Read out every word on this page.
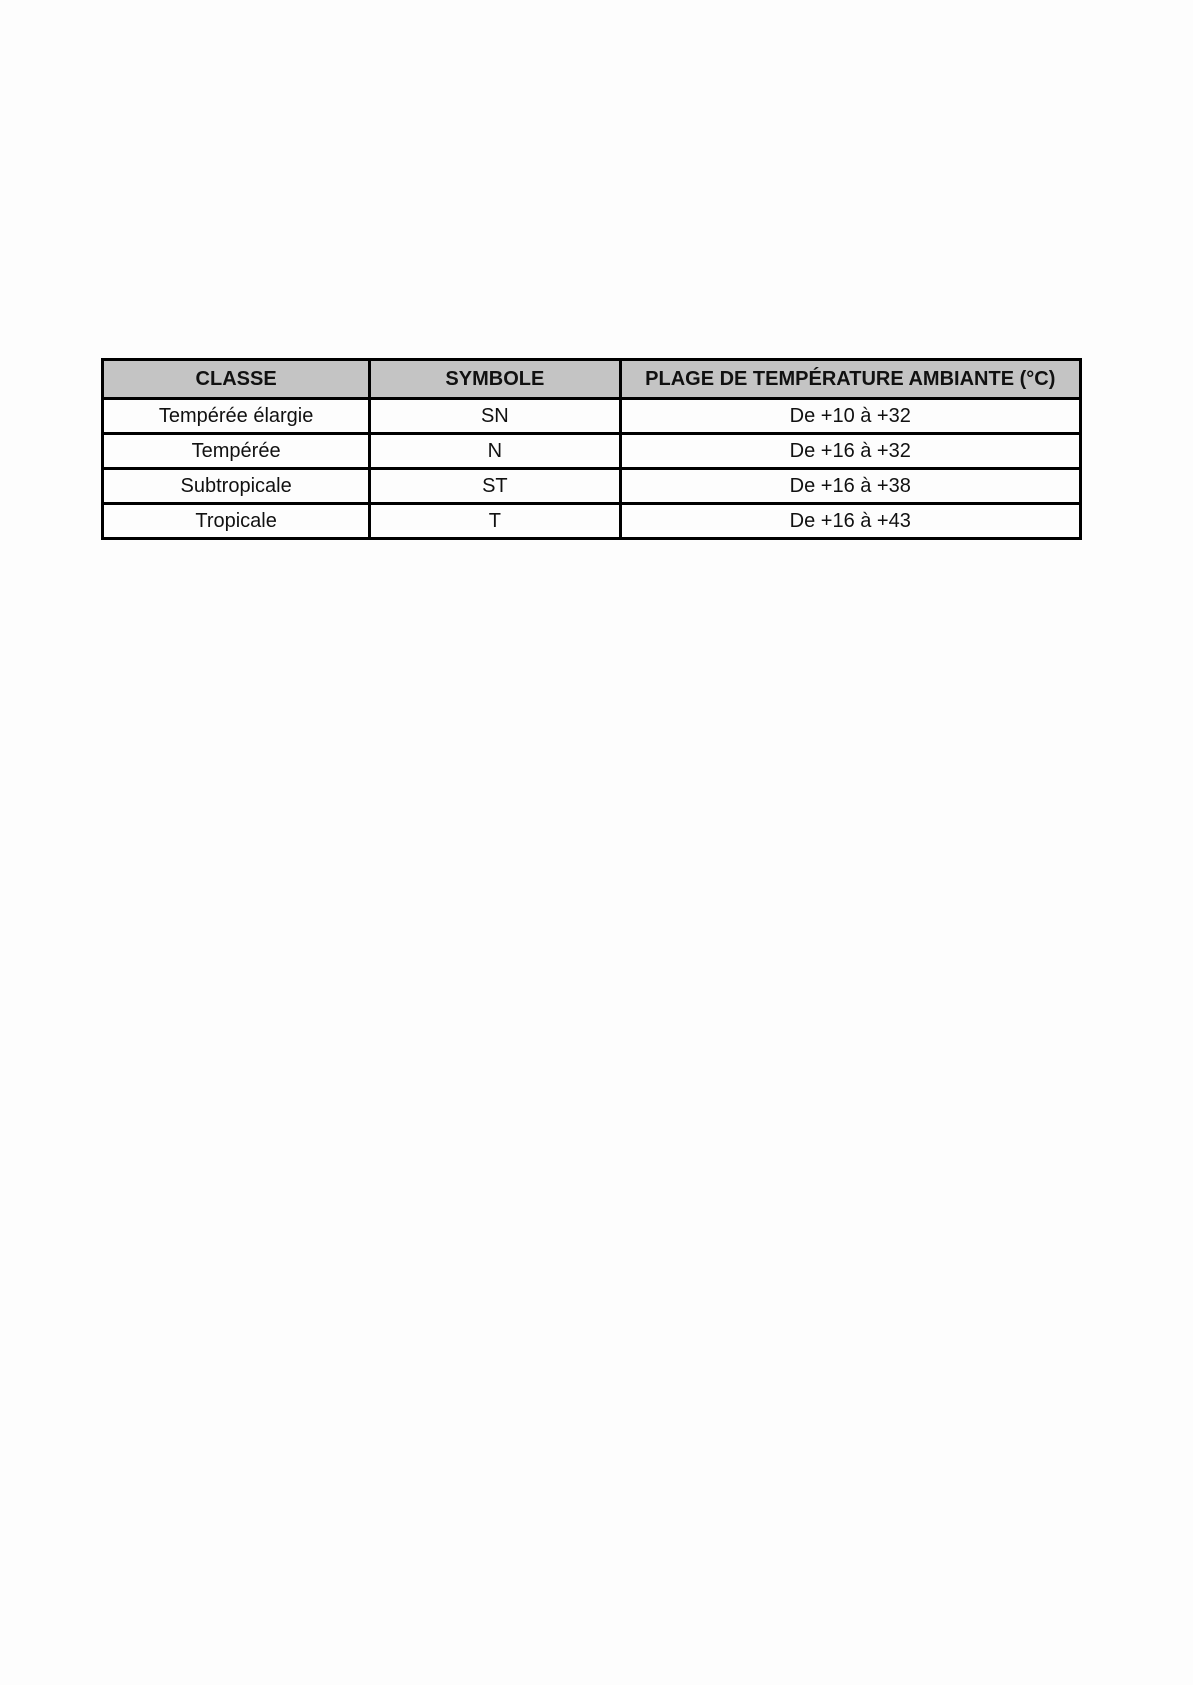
CLASSE	SYMBOLE	PLAGE DE TEMPÉRATURE AMBIANTE (°C)
Tempérée élargie	SN	De +10 à +32
Tempérée	N	De +16 à +32
Subtropicale	ST	De +16 à +38
Tropicale	T	De +16 à +43
